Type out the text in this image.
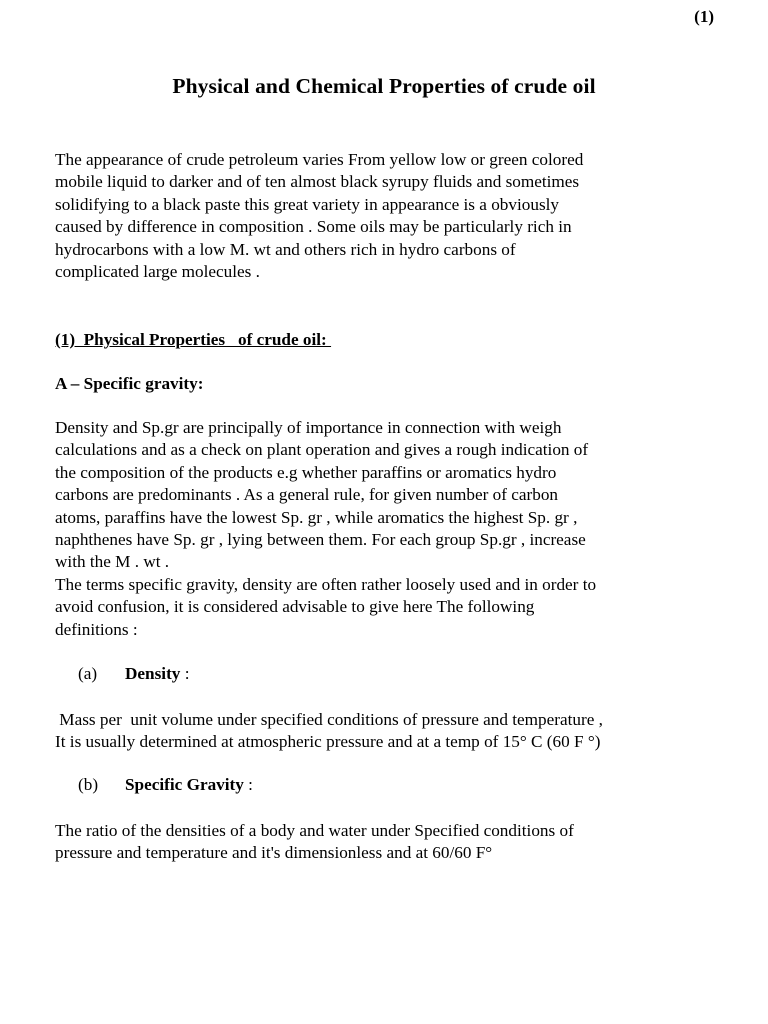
(1)
Physical and Chemical Properties of crude oil
The appearance of crude petroleum varies From yellow low or green colored
mobile liquid to darker and of ten almost black syrupy fluids and sometimes
solidifying to a black paste this great variety in appearance is a obviously
caused by difference in composition . Some oils may be particularly rich in
hydrocarbons with a low M. wt and others rich in hydro carbons of
complicated large molecules .
(1)  Physical Properties   of crude oil:
A – Specific gravity:
Density and Sp.gr are principally of importance in connection with weigh
calculations and as a check on plant operation and gives a rough indication of
the composition of the products e.g whether paraffins or aromatics hydro
carbons are predominants . As a general rule, for given number of carbon
atoms, paraffins have the lowest Sp. gr , while aromatics the highest Sp. gr ,
naphthenes have Sp. gr , lying between them. For each group Sp.gr , increase
with the M . wt .
The terms specific gravity, density are often rather loosely used and in order to
avoid confusion, it is considered advisable to give here The following
definitions :
(a) Density :
Mass per  unit volume under specified conditions of pressure and temperature ,
It is usually determined at atmospheric pressure and at a temp of 15° C (60 F °)
(b) Specific Gravity :
The ratio of the densities of a body and water under Specified conditions of
pressure and temperature and it's dimensionless and at 60/60 F°
